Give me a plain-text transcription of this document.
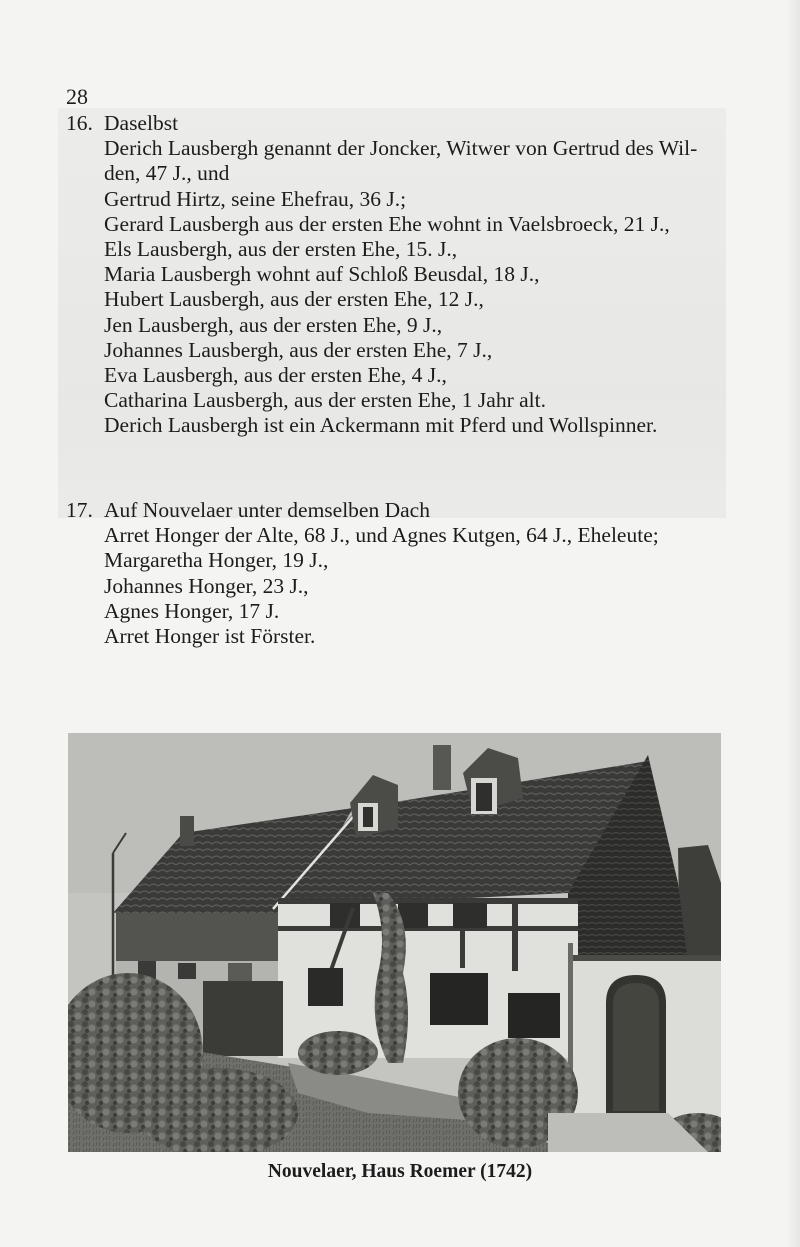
28
16. Daselbst
Derich Lausbergh genannt der Joncker, Witwer von Gertrud des Wil-
den, 47 J., und
Gertrud Hirtz, seine Ehefrau, 36 J.;
Gerard Lausbergh aus der ersten Ehe wohnt in Vaelsbroeck, 21 J.,
Els Lausbergh, aus der ersten Ehe, 15. J.,
Maria Lausbergh wohnt auf Schloß Beusdal, 18 J.,
Hubert Lausbergh, aus der ersten Ehe, 12 J.,
Jen Lausbergh, aus der ersten Ehe, 9 J.,
Johannes Lausbergh, aus der ersten Ehe, 7 J.,
Eva Lausbergh, aus der ersten Ehe, 4 J.,
Catharina Lausbergh, aus der ersten Ehe, 1 Jahr alt.
Derich Lausbergh ist ein Ackermann mit Pferd und Wollspinner.
17. Auf Nouvelaer unter demselben Dach
Arret Honger der Alte, 68 J., und Agnes Kutgen, 64 J., Eheleute;
Margaretha Honger, 19 J.,
Johannes Honger, 23 J.,
Agnes Honger, 17 J.
Arret Honger ist Förster.
Nouvelaer, Haus Roemer (1742)
